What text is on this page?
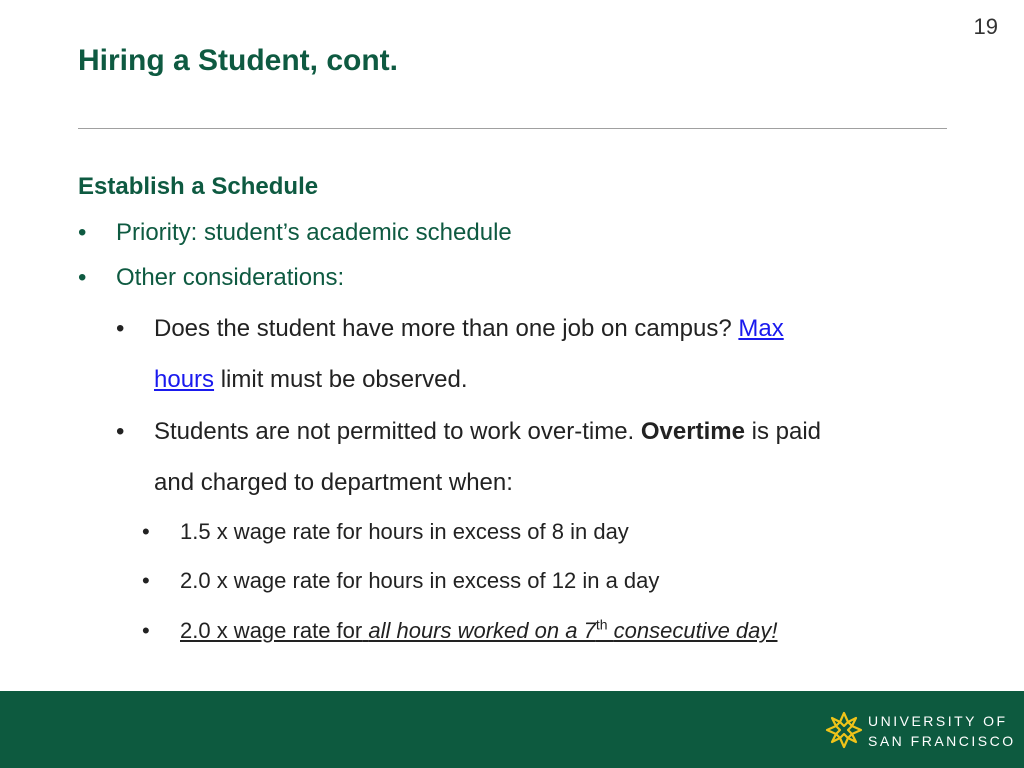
19
Hiring a Student, cont.
Establish a Schedule
• Priority: student’s academic schedule
• Other considerations:
• Does the student have more than one job on campus? Max
hours limit must be observed.
• Students are not permitted to work over-time. Overtime is paid
and charged to department when:
• 1.5 x wage rate for hours in excess of 8 in day
• 2.0 x wage rate for hours in excess of 12 in a day
• 2.0 x wage rate for all hours worked on a 7th consecutive day!
UNIVERSITY OF
SAN FRANCISCO
